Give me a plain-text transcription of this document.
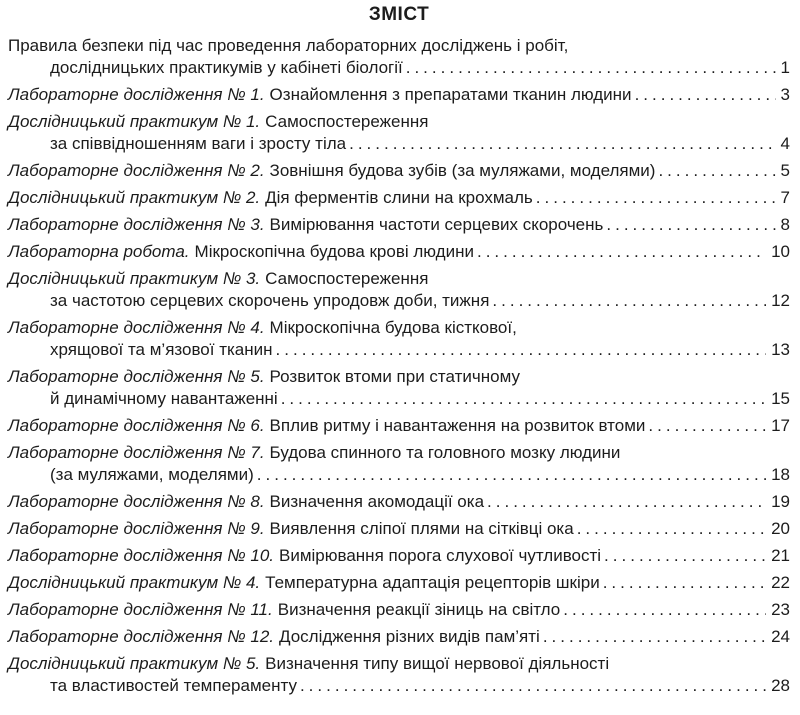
ЗМІСТ
Правила безпеки під час проведення лабораторних досліджень і робіт,
дослідницьких практикумів у кабінеті біології .....	1
Лабораторне дослідження № 1. Ознайомлення з препаратами тканин людини .....	3
Дослідницький практикум № 1. Самоспостереження
за співвідношенням ваги і зросту тіла .....	4
Лабораторне дослідження № 2. Зовнішня будова зубів (за муляжами, моделями) .....	5
Дослідницький практикум № 2. Дія ферментів слини на крохмаль .....	7
Лабораторне дослідження № 3. Вимірювання частоти серцевих скорочень .....	8
Лабораторна робота. Мікроскопічна будова крові людини .....	10
Дослідницький практикум № 3. Самоспостереження
за частотою серцевих скорочень упродовж доби, тижня .....	12
Лабораторне дослідження № 4. Мікроскопічна будова кісткової,
хрящової та м’язової тканин .....	13
Лабораторне дослідження № 5. Розвиток втоми при статичному
й динамічному навантаженні .....	15
Лабораторне дослідження № 6. Вплив ритму і навантаження на розвиток втоми .....	17
Лабораторне дослідження № 7. Будова спинного та головного мозку людини
(за муляжами, моделями) .....	18
Лабораторне дослідження № 8. Визначення акомодації ока .....	19
Лабораторне дослідження № 9. Виявлення сліпої плями на сітківці ока .....	20
Лабораторне дослідження № 10. Вимірювання порога слухової чутливості .....	21
Дослідницький практикум № 4. Температурна адаптація рецепторів шкіри .....	22
Лабораторне дослідження № 11. Визначення реакції зіниць на світло .....	23
Лабораторне дослідження № 12. Дослідження різних видів пам’яті .....	24
Дослідницький практикум № 5. Визначення типу вищої нервової діяльності
та властивостей темпераменту .....	28
